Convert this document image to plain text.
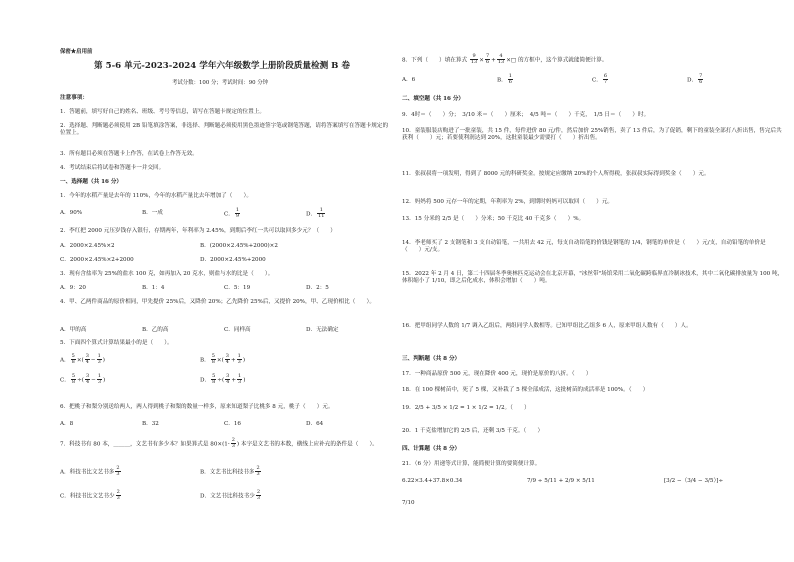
保密★启用前
第 5-6 单元-2023-2024 学年六年级数学上册阶段质量检测 B 卷
考试分数：100 分；考试时间：90 分钟
注意事项：
1．答题前，填写好自己的姓名、班级、考号等信息，请写在答题卡规定的位置上。
2．选择题、判断题必须使用 2B 铅笔填涂答案，非选择、判断题必须使用黑色墨迹签字笔或钢笔答题，请将答案填写在答题卡规定的位置上。
3．所有题目必须在答题卡上作答，在试卷上作答无效。
4．考试结束后将试卷和答题卡一并交回。
一、选择题（共 16 分）
1．今年的水稻产量是去年的 110%，今年的水稻产量比去年增加了（　　）。
A．90%	B．一成	C． $\frac{1}{9}$	D． $\frac{1}{11}$
2．李红把 2000 元压岁钱存入银行，存期两年，年利率为 2.45%，到期后李红一共可以取回多少元？（　　）
A．2000×2.45%×2	B．(2000×2.45%+2000)×2
C．2000×2.45%×2+2000	D．2000×2.45%+2000
3．现有含盐率为 25%的盐水 100 克，如再加入 20 克水，则盐与水的比是（　　）。
A．9：20	B．1：4	C．5：19	D．2：5
4．甲、乙两件商品的原价相同，甲先提价 25%后，又降价 20%；乙先降价 25%后，又提价 20%，甲、乙现价相比（　　）。
A．甲的高	B．乙的高	C．同样高	D．无法确定
5．下面四个算式计算结果最小的是（　　）。
A． $\frac{5}{8}$ ×( $\frac{3}{4} - \frac{1}{3}$ )	B． $\frac{5}{8}$ ×( $\frac{3}{4} + \frac{1}{3}$ )
C． $\frac{5}{8}$ ÷( $\frac{3}{4} - \frac{1}{3}$ )	D． $\frac{5}{8}$ ÷( $\frac{3}{4} + \frac{1}{3}$ )
6．把桃子和梨分别送给两人，两人得到桃子和梨的数量一样多，原来知道梨子比桃多 8 元，桃子（　　）元。
A．8	B．32	C．16	D．64
7．科技书有 80 本，______，文艺书有多少本？如果算式是 $80\times(1- \frac{2}{3}$ ) 本字是文艺书的本数，横线上应补充的条件是（　　）。
A．科技书比文艺书多 $\frac{2}{3}$	B．文艺书比科技书多 $\frac{2}{3}$
C．科技书比文艺书少 $\frac{2}{3}$	D．文艺书比科技书少 $\frac{2}{3}$
8．下列（　　）填在算式 $\frac{9}{13} \times \frac{7}{6} + \frac{4}{13}$ ×□ 的方框中，这个算式就能简便计算。
A．6	B． $\frac{1}{6}$	C． $\frac{6}{7}$	D． $\frac{7}{6}$
二、填空题（共 16 分）
9．4时＝（　　）分；　3/10 米＝（　　）厘米；　4/5 吨＝（　　）千克，　1/5 日＝（　　）时。
10．童装服装店购进了一批童装，共 15 件，每件进价 80 元/件，然后加价 25%销售，卖了 13 件后，为了促销，剩下的童装全部打八折出售，售完后共获利（　　）元；若要使利润达到 20%，这批童装最少需要打（　　）折出售。
11．张叔叔将一项发明，得到了 8000 元的科研奖金。按规定应缴纳 20%的个人所得税，张叔叔实际得到奖金（　　）元。
12．妈妈将 500 元存一年的定期，年利率为 2%，到期时妈妈可以取回（　　）元。
13．15 分米的 2/5 是（　　）分米；50 千克比 40 千克多（　　）%。
14．李老师买了 2 支钢笔和 3 支自动铅笔，一共用去 42 元，每支自动铅笔的价钱是钢笔的 1/4，钢笔的单价是（　　）元/支，自动铅笔的单价是（　　）元/支。
15．2022 年 2 月 4 日，第二十四届冬季奥林匹克运动会在北京开幕，"冰丝带"场馆采用二氧化碳跨临界直冷制冰技术，其中二氧化碳排放量为 100 吨，体积缩小了 1/10，即之后化成水，体积会增加（　　）吨。
16．把甲组同学人数的 1/7 调入乙组后，两组同学人数相等。已知甲组比乙组多 6 人，原来甲组人数有（　　）人。
三、判断题（共 8 分）
17．一种商品原价 500 元，现在降价 400 元，现价是原价的八折。（　　）
18．在 100 棵树苗中，死了 5 棵，又补栽了 5 棵全部成活，这批树苗的成活率是 100%。（　　）
19．2/5 + 3/5 × 1/2 = 1 × 1/2 = 1/2。（　　）
20．1 千克盐增加它的 2/5 后，还剩 3/5 千克。（　　）
四、计算题（共 8 分）
21．（6 分）用递等式计算，能简便计算的要简便计算。
6.22×3.4+37.8×0.34	7/9 ÷ 5/11 + 2/9 × 5/11	[3/2 −（3/4 − 3/5）]÷
7/10
